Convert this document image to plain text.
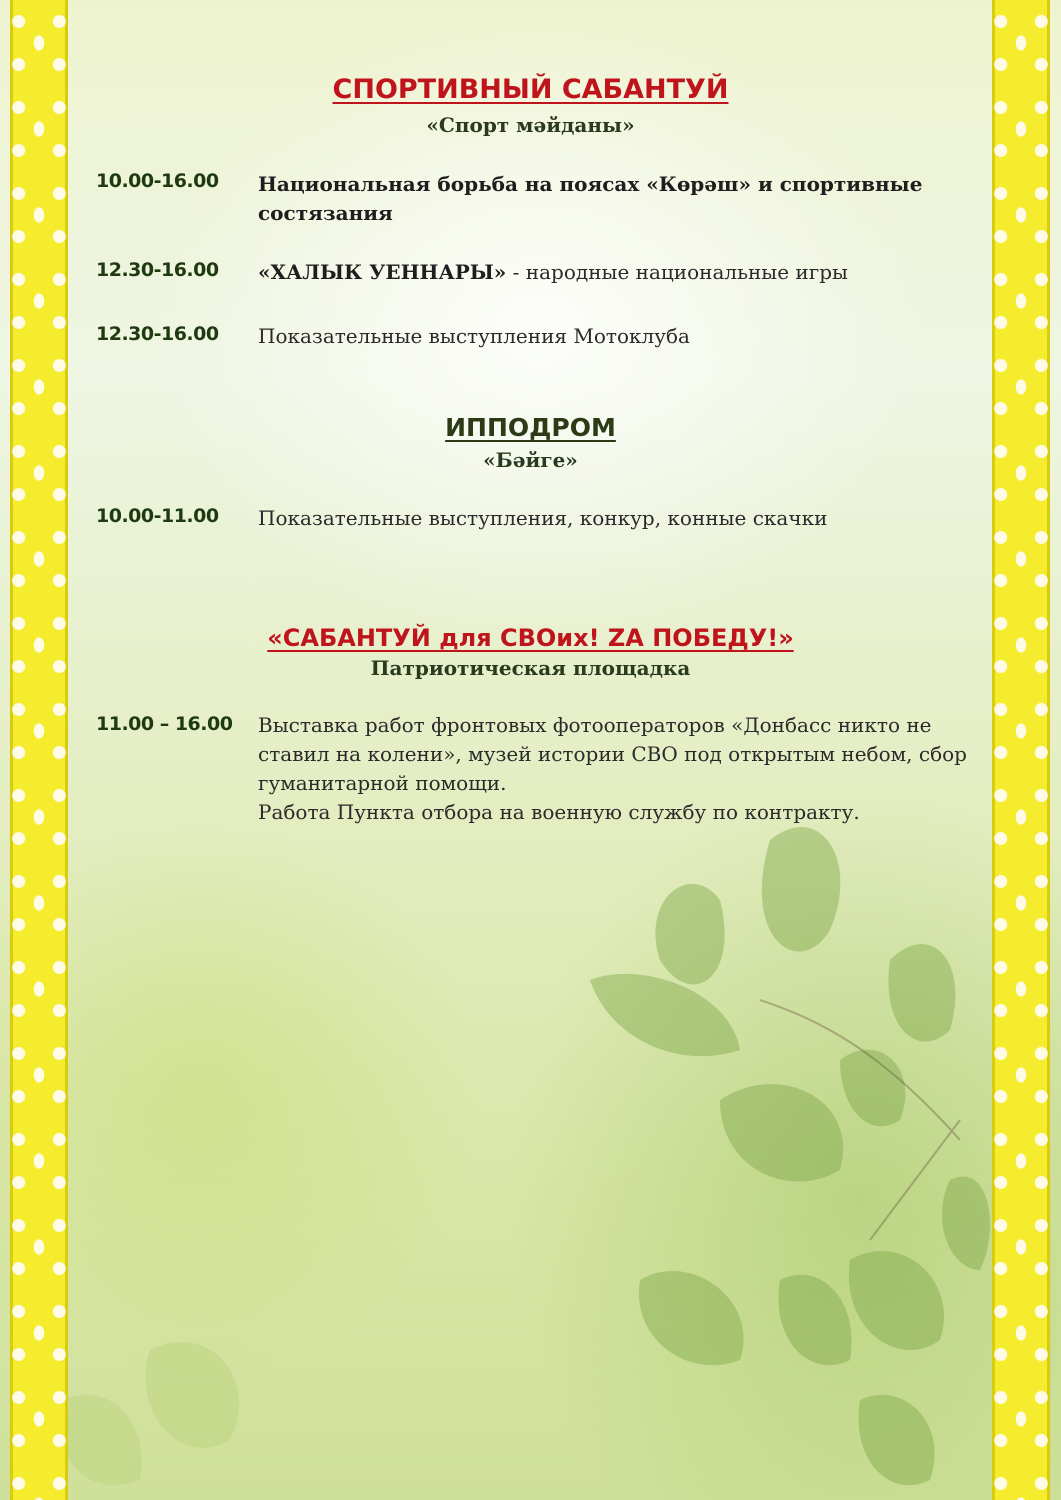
СПОРТИВНЫЙ САБАНТУЙ
«Спорт мәйданы»
10.00-16.00 Национальная борьба на поясах «Көрәш» и спортивные состязания
12.30-16.00 «ХАЛЫК УЕННАРЫ» - народные национальные игры
12.30-16.00 Показательные выступления Мотоклуба
ИППОДРОМ
«Бәйге»
10.00-11.00 Показательные выступления, конкур, конные скачки
«САБАНТУЙ для СВОих! ZА ПОБЕДУ!»
Патриотическая площадка
11.00 – 16.00 Выставка работ фронтовых фотооператоров «Донбасс никто не ставил на колени», музей истории СВО под открытым небом, сбор гуманитарной помощи.
Работа Пункта отбора на военную службу по контракту.
